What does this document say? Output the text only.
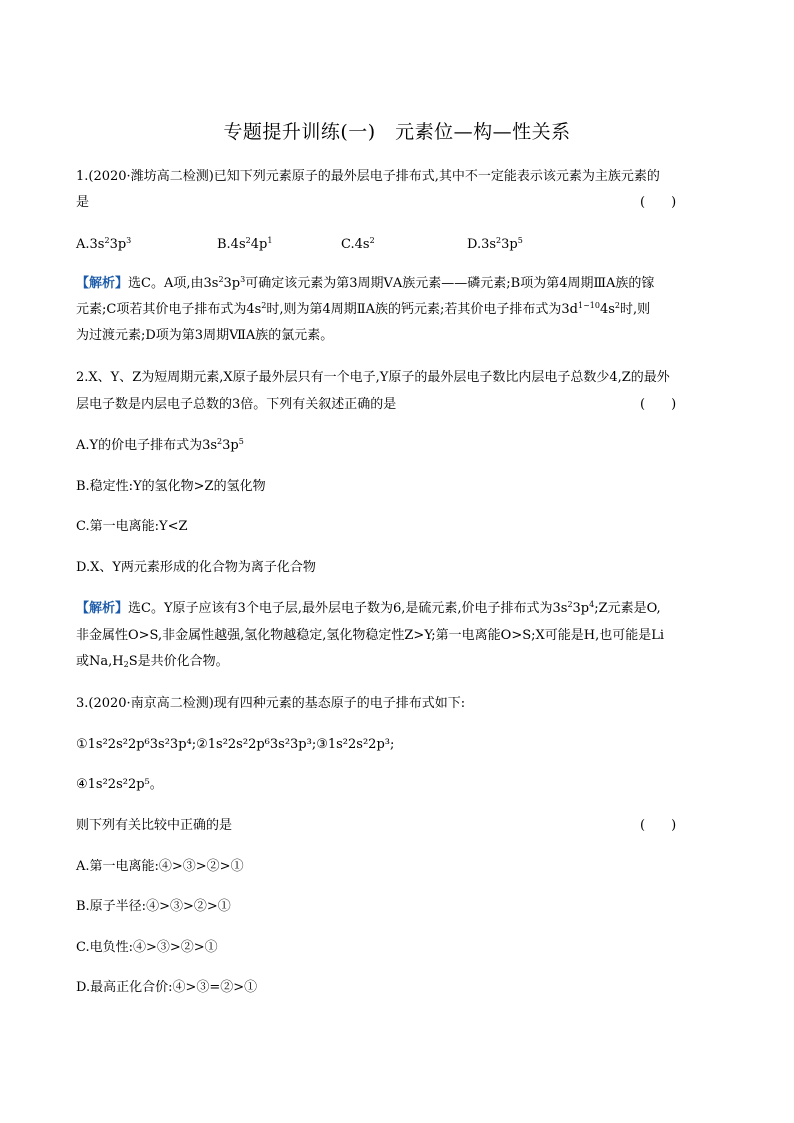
专题提升训练(一)　元素位—构—性关系
1.(2020·潍坊高二检测)已知下列元素原子的最外层电子排布式,其中不一定能表示该元素为主族元素的
是	(　　)
$A.3s^23p^3$	$B.4s^24p^1$	$C.4s^2$	$D.3s^23p^5$
【解析】选C。A项,由$3s^23p^3$可确定该元素为第3周期ⅤA族元素——磷元素;B项为第4周期ⅢA族的镓
元素;C项若其价电子排布式为$4s^2$时,则为第4周期ⅡA族的钙元素;若其价电子排布式为$3d^{1\sim 10}4s^2$时,则
为过渡元素;D项为第3周期ⅦA族的氯元素。
2.X、Y、Z为短周期元素,X原子最外层只有一个电子,Y原子的最外层电子数比内层电子总数少4,Z的最外
层电子数是内层电子总数的3倍。下列有关叙述正确的是	(　　)
A.Y的价电子排布式为$3s^23p^5$
B.稳定性:Y的氢化物>Z的氢化物
C.第一电离能:Y<Z
D.X、Y两元素形成的化合物为离子化合物
【解析】选C。Y原子应该有3个电子层,最外层电子数为6,是硫元素,价电子排布式为$3s^23p^4;Z$元素是O,
非金属性O>S,非金属性越强,氢化物越稳定,氢化物稳定性Z>Y;第一电离能O>S;X可能是H,也可能是Li
或$Na,H_2S$是共价化合物。
3.(2020·南京高二检测)现有四种元素的基态原子的电子排布式如下:
①1s²2s²2p⁶3s²3p⁴;②1s²2s²2p⁶3s²3p³;③1s²2s²2p³;
④1s²2s²2p⁵。
则下列有关比较中正确的是	(　　)
A.第一电离能:④>③>②>①
B.原子半径:④>③>②>①
C.电负性:④>③>②>①
D.最高正化合价:④>③=②>①
